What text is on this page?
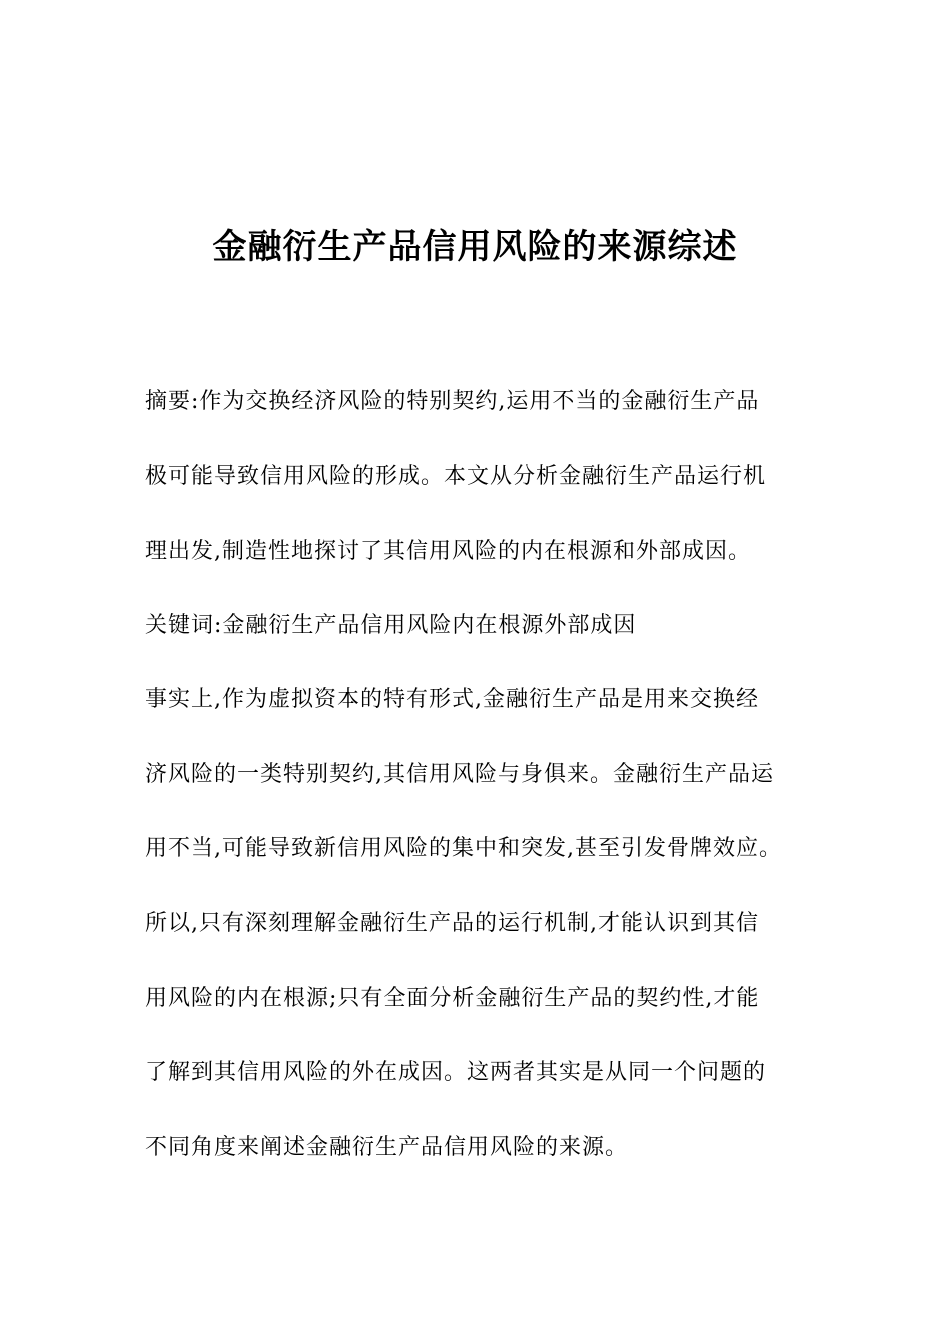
金融衍生产品信用风险的来源综述
摘要:作为交换经济风险的特别契约,运用不当的金融衍生产品
极可能导致信用风险的形成。本文从分析金融衍生产品运行机
理出发,制造性地探讨了其信用风险的内在根源和外部成因。
关键词:金融衍生产品信用风险内在根源外部成因
事实上,作为虚拟资本的特有形式,金融衍生产品是用来交换经
济风险的一类特别契约,其信用风险与身俱来。金融衍生产品运
用不当,可能导致新信用风险的集中和突发,甚至引发骨牌效应。
所以,只有深刻理解金融衍生产品的运行机制,才能认识到其信
用风险的内在根源;只有全面分析金融衍生产品的契约性,才能
了解到其信用风险的外在成因。这两者其实是从同一个问题的
不同角度来阐述金融衍生产品信用风险的来源。
